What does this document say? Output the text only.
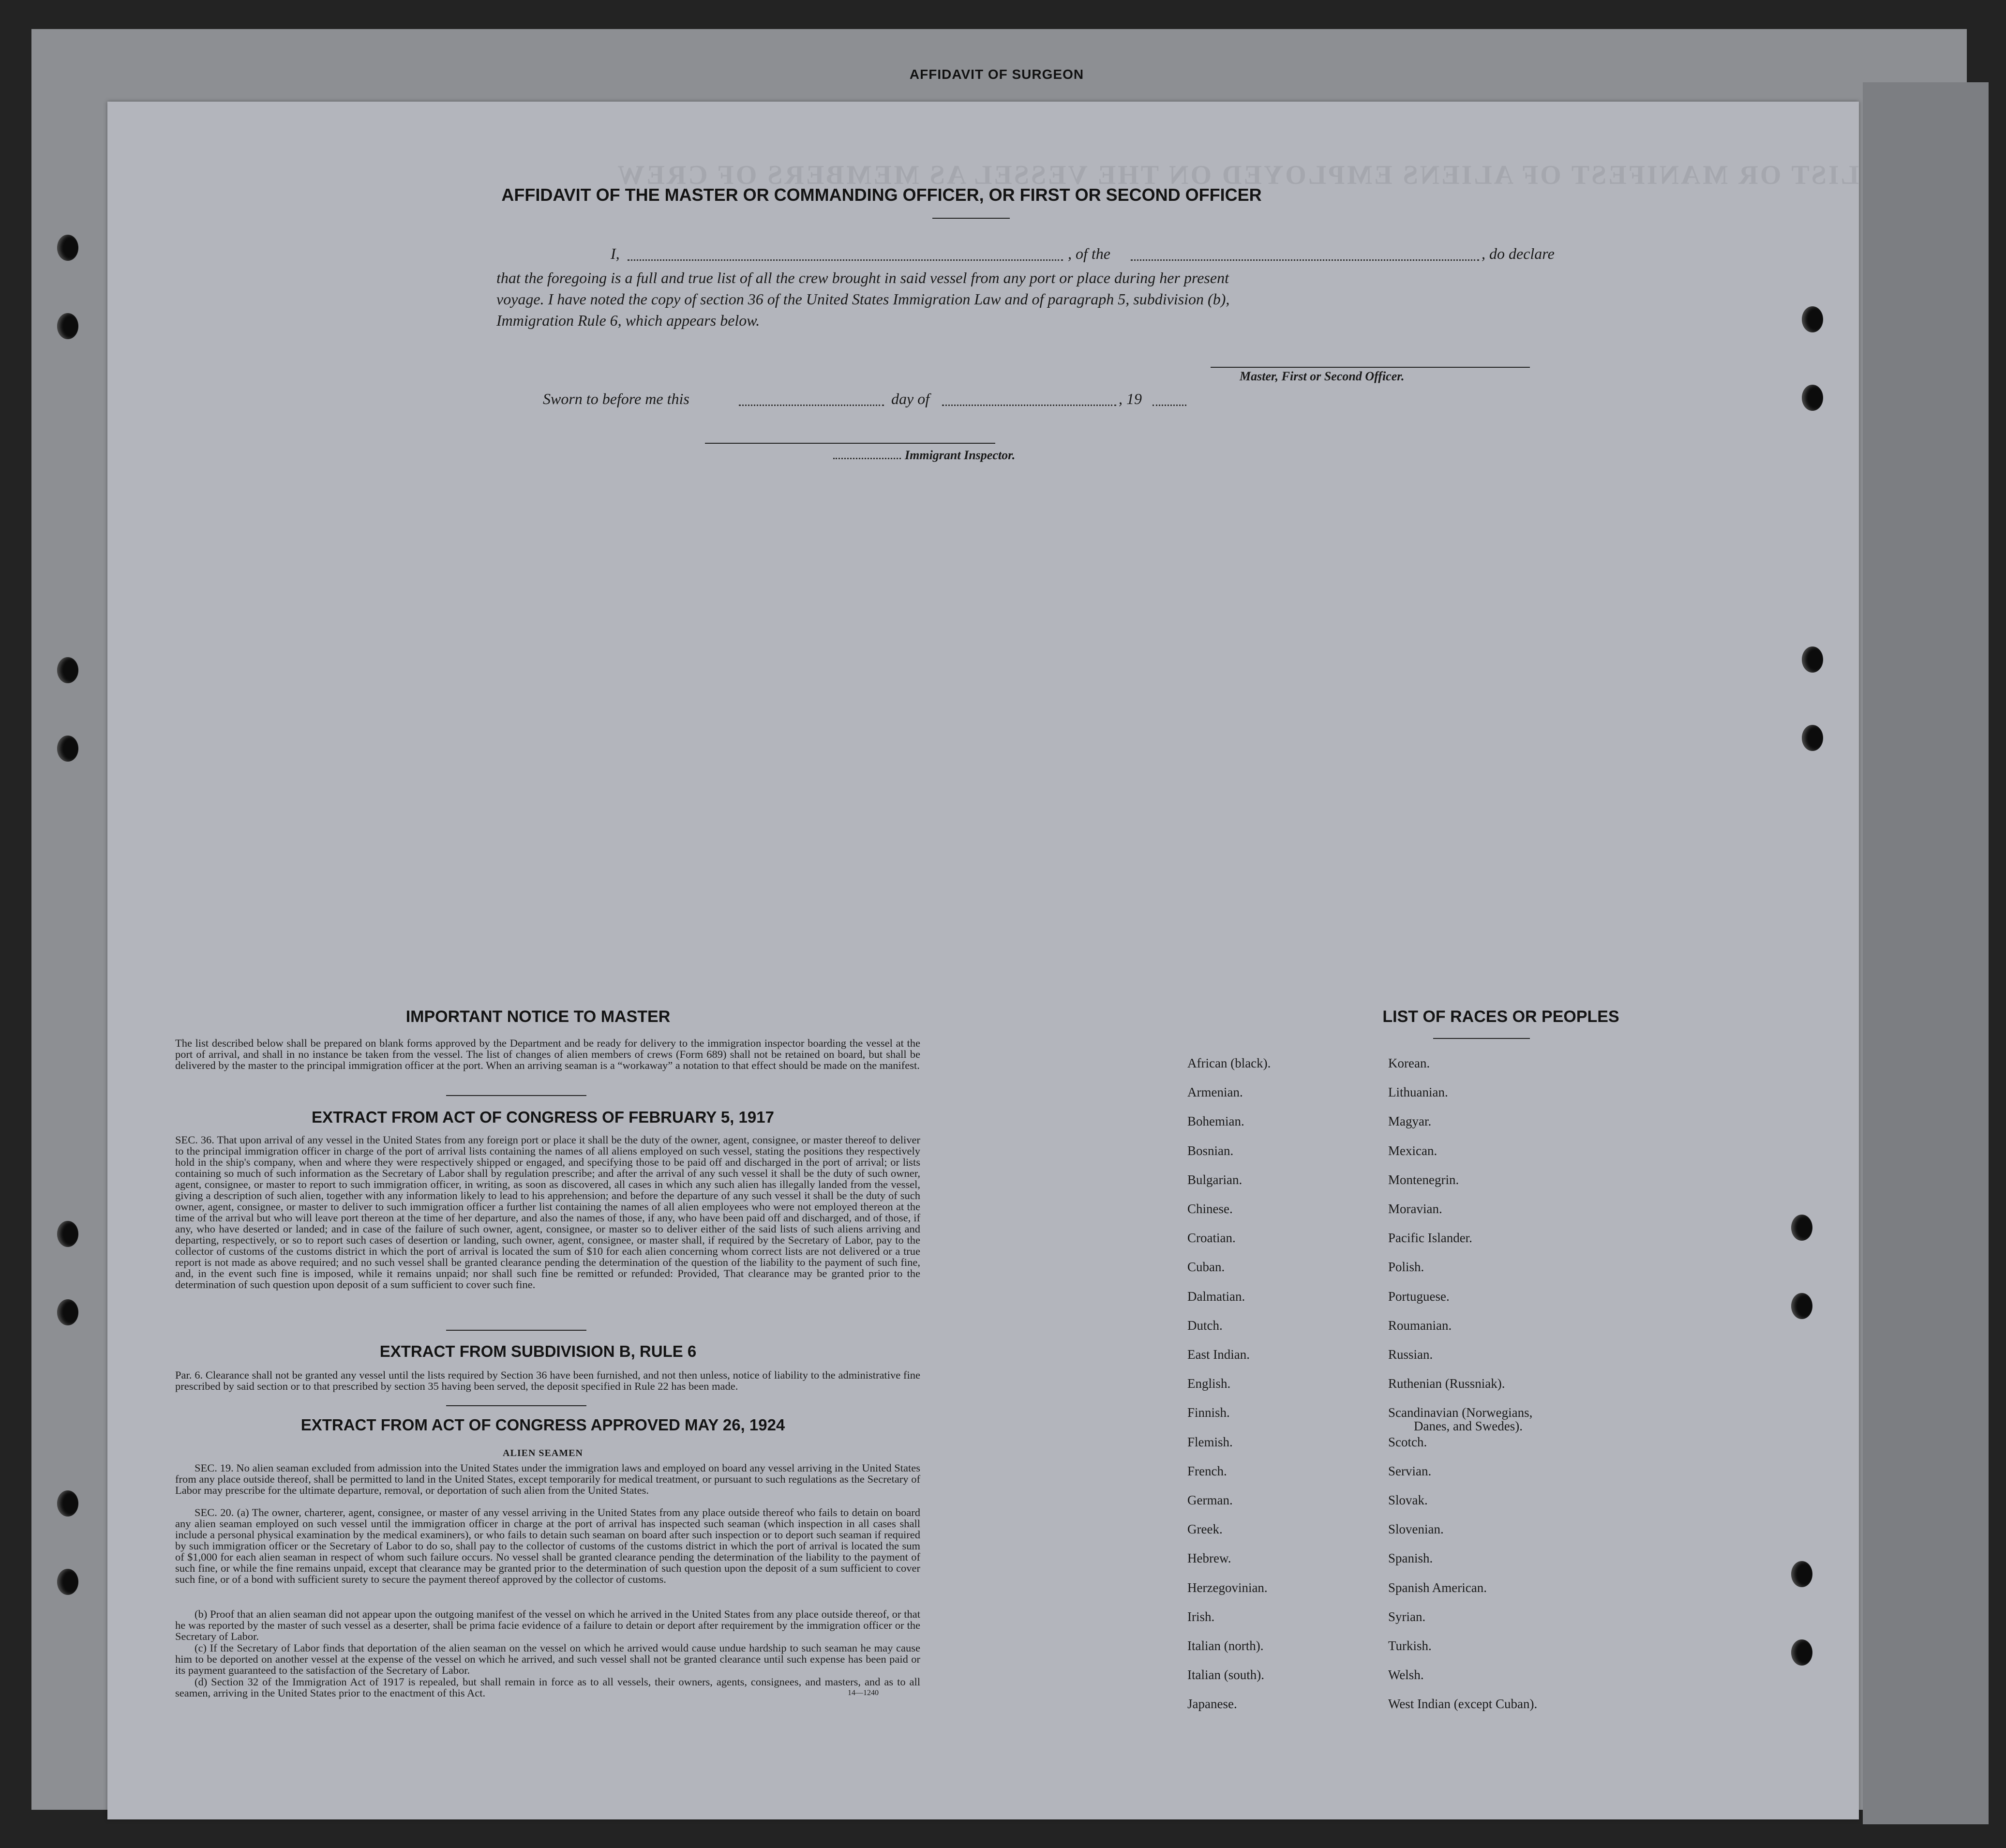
AFFIDAVIT OF SURGEON
LIST OR MANIFEST OF ALIENS EMPLOYED ON THE VESSEL AS MEMBERS OF CREW
AFFIDAVIT OF THE MASTER OR COMMANDING OFFICER, OR FIRST OR SECOND OFFICER
I,	, of the	, do declare
that the foregoing is a full and true list of all the crew brought in said vessel from any port or place during her present
voyage. I have noted the copy of section 36 of the United States Immigration Law and of paragraph 5, subdivision (b),
Immigration Rule 6, which appears below.
Master, First or Second Officer.
Sworn to before me this	day of	, 19
Immigrant Inspector.
IMPORTANT NOTICE TO MASTER
The list described below shall be prepared on blank forms approved by the Department and be ready for delivery to the immigration inspector boarding the vessel at the port of arrival, and shall in no instance be taken from the vessel. The list of changes of alien members of crews (Form 689) shall not be retained on board, but shall be delivered by the master to the principal immigration officer at the port. When an arriving seaman is a “workaway” a notation to that effect should be made on the manifest.
EXTRACT FROM ACT OF CONGRESS OF FEBRUARY 5, 1917
SEC. 36. That upon arrival of any vessel in the United States from any foreign port or place it shall be the duty of the owner, agent, consignee, or master thereof to deliver to the principal immigration officer in charge of the port of arrival lists containing the names of all aliens employed on such vessel, stating the positions they respectively hold in the ship's company, when and where they were respectively shipped or engaged, and specifying those to be paid off and discharged in the port of arrival; or lists containing so much of such information as the Secretary of Labor shall by regulation prescribe; and after the arrival of any such vessel it shall be the duty of such owner, agent, consignee, or master to report to such immigration officer, in writing, as soon as discovered, all cases in which any such alien has illegally landed from the vessel, giving a description of such alien, together with any information likely to lead to his apprehension; and before the departure of any such vessel it shall be the duty of such owner, agent, consignee, or master to deliver to such immigration officer a further list containing the names of all alien employees who were not employed thereon at the time of the arrival but who will leave port thereon at the time of her departure, and also the names of those, if any, who have been paid off and discharged, and of those, if any, who have deserted or landed; and in case of the failure of such owner, agent, consignee, or master so to deliver either of the said lists of such aliens arriving and departing, respectively, or so to report such cases of desertion or landing, such owner, agent, consignee, or master shall, if required by the Secretary of Labor, pay to the collector of customs of the customs district in which the port of arrival is located the sum of $10 for each alien concerning whom correct lists are not delivered or a true report is not made as above required; and no such vessel shall be granted clearance pending the determination of the question of the liability to the payment of such fine, and, in the event such fine is imposed, while it remains unpaid; nor shall such fine be remitted or refunded: Provided, That clearance may be granted prior to the determination of such question upon deposit of a sum sufficient to cover such fine.
EXTRACT FROM SUBDIVISION B, RULE 6
Par. 6. Clearance shall not be granted any vessel until the lists required by Section 36 have been furnished, and not then unless, notice of liability to the administrative fine prescribed by said section or to that prescribed by section 35 having been served, the deposit specified in Rule 22 has been made.
EXTRACT FROM ACT OF CONGRESS APPROVED MAY 26, 1924
ALIEN SEAMEN
SEC. 19. No alien seaman excluded from admission into the United States under the immigration laws and employed on board any vessel arriving in the United States from any place outside thereof, shall be permitted to land in the United States, except temporarily for medical treatment, or pursuant to such regulations as the Secretary of Labor may prescribe for the ultimate departure, removal, or deportation of such alien from the United States.
SEC. 20. (a) The owner, charterer, agent, consignee, or master of any vessel arriving in the United States from any place outside thereof who fails to detain on board any alien seaman employed on such vessel until the immigration officer in charge at the port of arrival has inspected such seaman (which inspection in all cases shall include a personal physical examination by the medical examiners), or who fails to detain such seaman on board after such inspection or to deport such seaman if required by such immigration officer or the Secretary of Labor to do so, shall pay to the collector of customs of the customs district in which the port of arrival is located the sum of $1,000 for each alien seaman in respect of whom such failure occurs. No vessel shall be granted clearance pending the determination of the liability to the payment of such fine, or while the fine remains unpaid, except that clearance may be granted prior to the determination of such question upon the deposit of a sum sufficient to cover such fine, or of a bond with sufficient surety to secure the payment thereof approved by the collector of customs.
(b) Proof that an alien seaman did not appear upon the outgoing manifest of the vessel on which he arrived in the United States from any place outside thereof, or that he was reported by the master of such vessel as a deserter, shall be prima facie evidence of a failure to detain or deport after requirement by the immigration officer or the Secretary of Labor.
(c) If the Secretary of Labor finds that deportation of the alien seaman on the vessel on which he arrived would cause undue hardship to such seaman he may cause him to be deported on another vessel at the expense of the vessel on which he arrived, and such vessel shall not be granted clearance until such expense has been paid or its payment guaranteed to the satisfaction of the Secretary of Labor.
(d) Section 32 of the Immigration Act of 1917 is repealed, but shall remain in force as to all vessels, their owners, agents, consignees, and masters, and as to all seamen, arriving in the United States prior to the enactment of this Act.	14—1240
LIST OF RACES OR PEOPLES
African (black).
Armenian.
Bohemian.
Bosnian.
Bulgarian.
Chinese.
Croatian.
Cuban.
Dalmatian.
Dutch.
East Indian.
English.
Finnish.
Flemish.
French.
German.
Greek.
Hebrew.
Herzegovinian.
Irish.
Italian (north).
Italian (south).
Japanese.
Korean.
Lithuanian.
Magyar.
Mexican.
Montenegrin.
Moravian.
Pacific Islander.
Polish.
Portuguese.
Roumanian.
Russian.
Ruthenian (Russniak).
Scandinavian (Norwegians,
Danes, and Swedes).
Scotch.
Servian.
Slovak.
Slovenian.
Spanish.
Spanish American.
Syrian.
Turkish.
Welsh.
West Indian (except Cuban).
